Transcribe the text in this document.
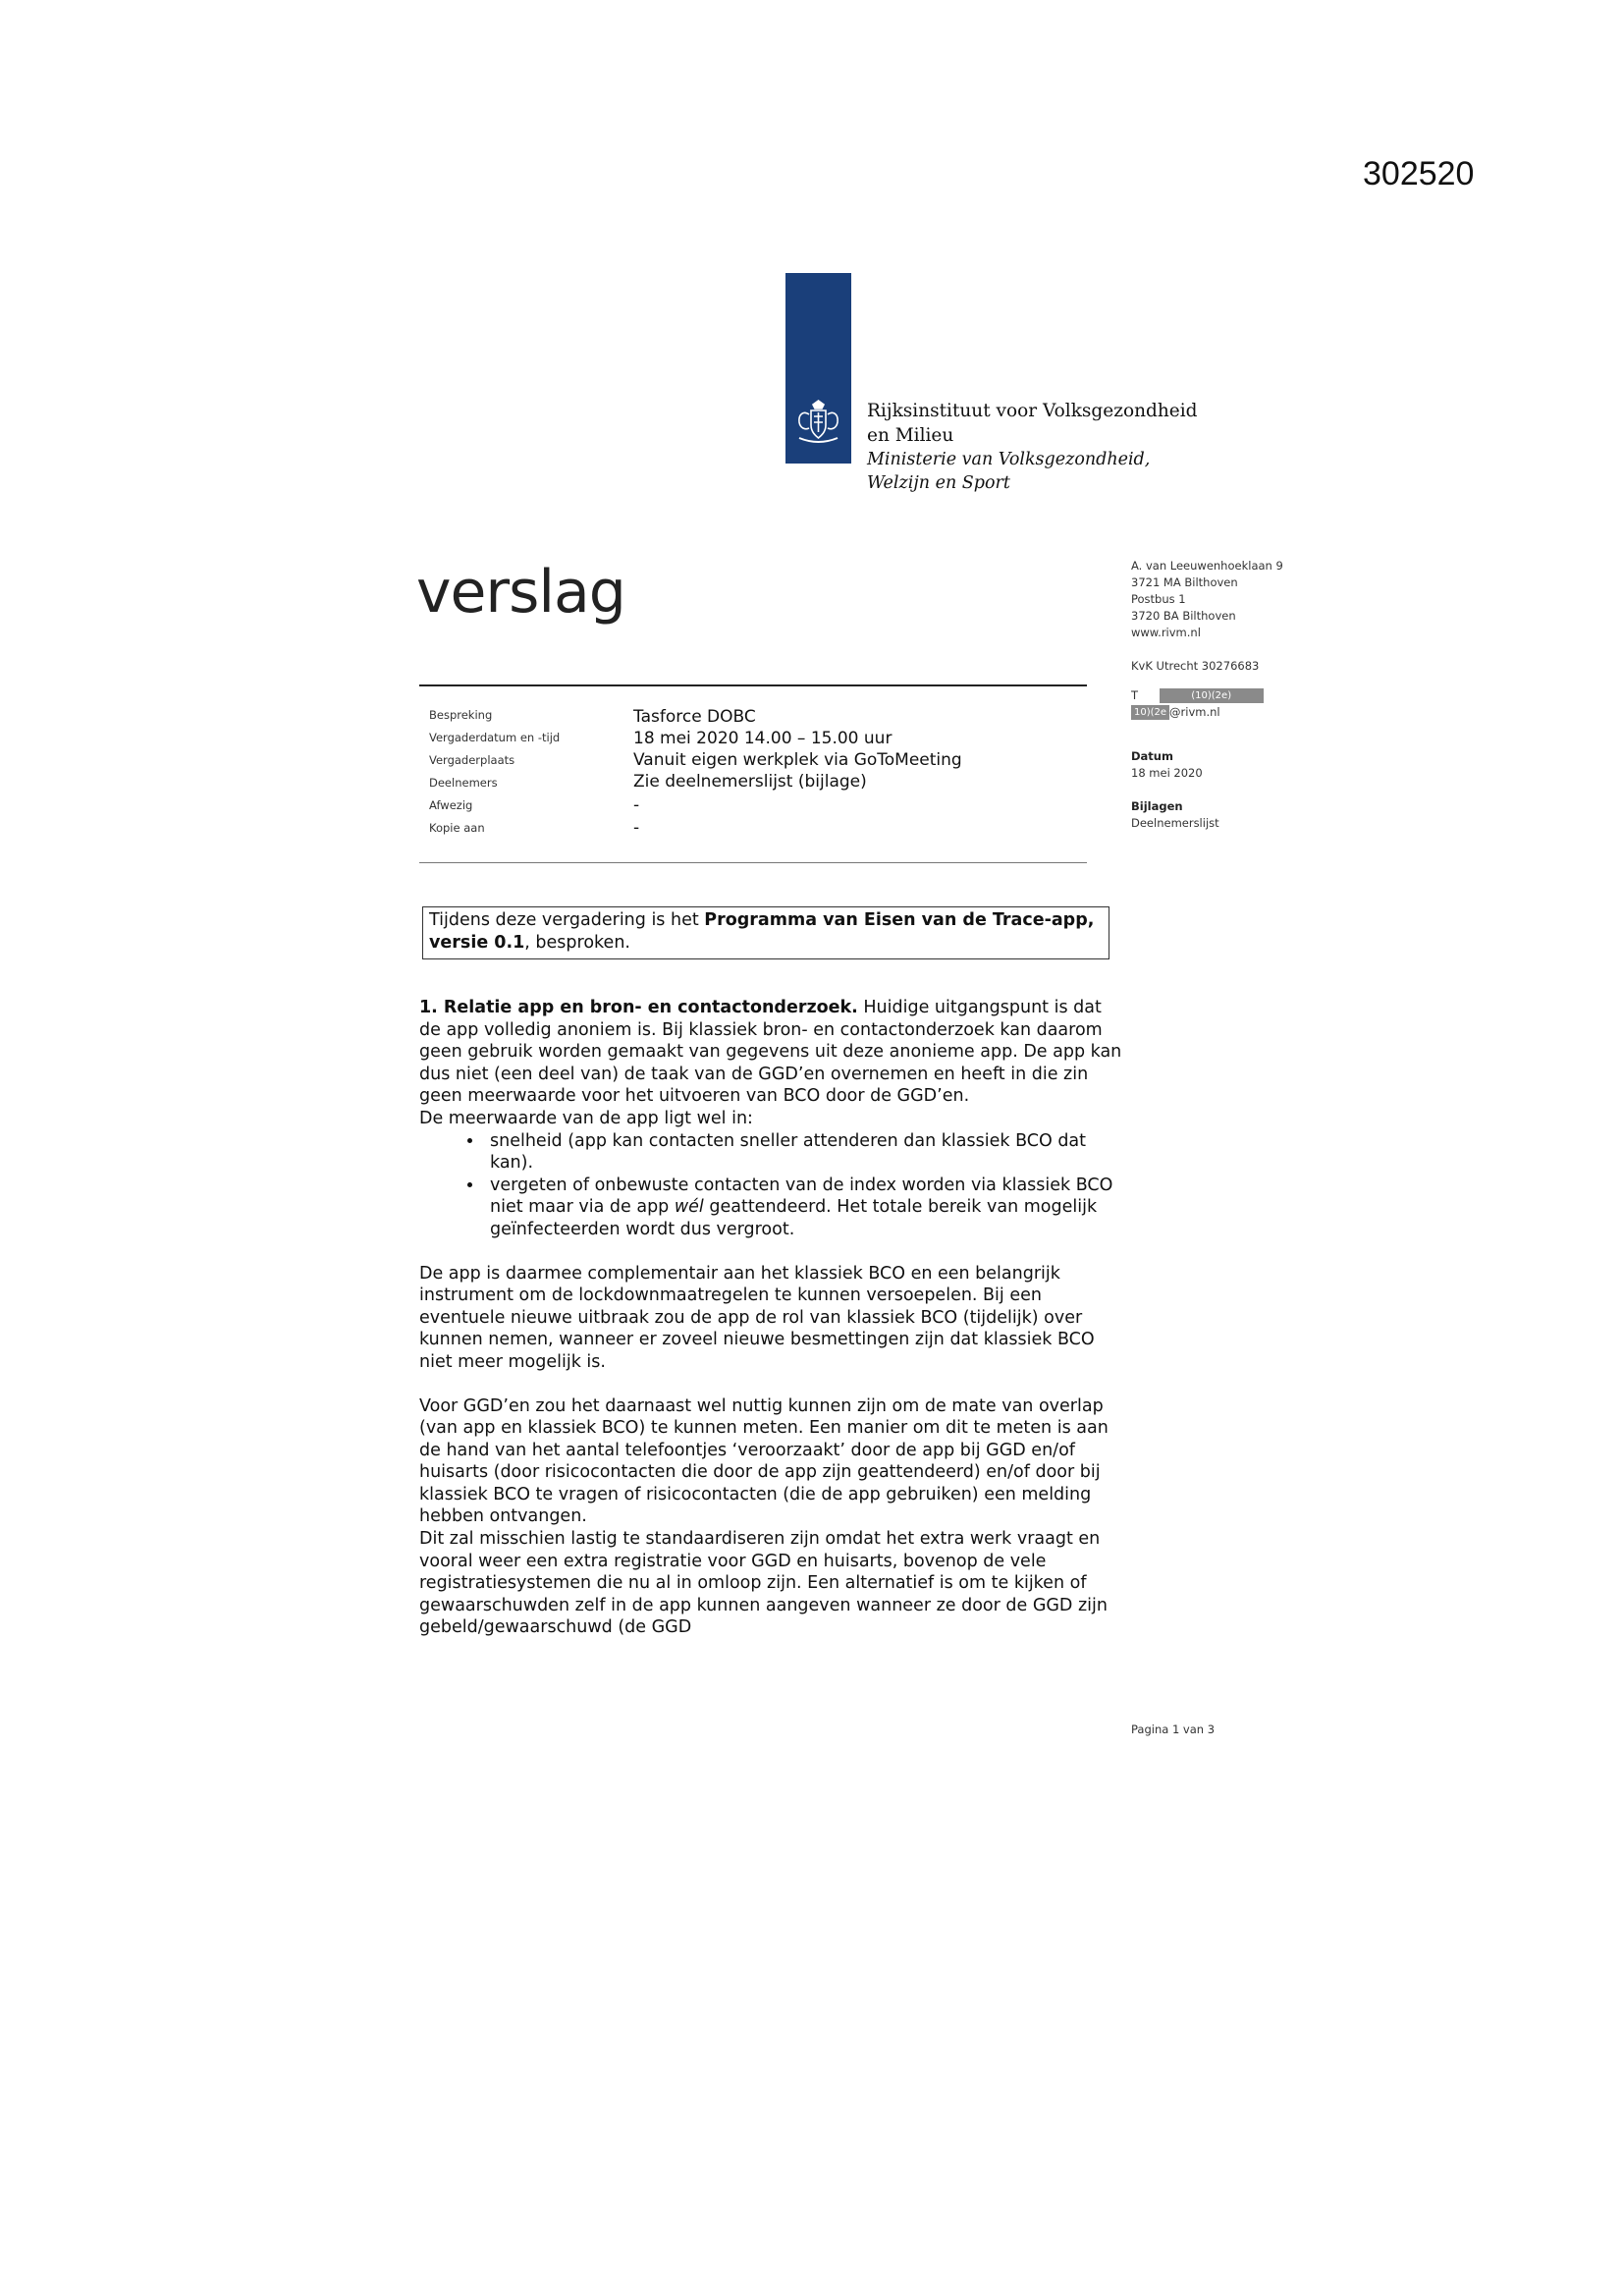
302520
Rijksinstituut voor Volksgezondheid
en Milieu
Ministerie van Volksgezondheid,
Welzijn en Sport
verslag	A. van Leeuwenhoeklaan 9
3721 MA Bilthoven
Postbus 1
3720 BA Bilthoven
www.rivm.nl
KvK Utrecht 30276683
T	(10)(2e)
10)(2e @rivm.nl
Datum
18 mei 2020
Bijlagen
Deelnemerslijst
Bespreking	Tasforce DOBC
Vergaderdatum en -tijd	18 mei 2020 14.00 – 15.00 uur
Vergaderplaats	Vanuit eigen werkplek via GoToMeeting
Deelnemers	Zie deelnemerslijst (bijlage)
Afwezig	-
Kopie aan	-
Tijdens deze vergadering is het Programma van Eisen van de Trace-app, versie 0.1, besproken.

1. Relatie app en bron- en contactonderzoek. Huidige uitgangspunt is dat de app volledig anoniem is. Bij klassiek bron- en contactonderzoek kan daarom geen gebruik worden gemaakt van gegevens uit deze anonieme app. De app kan dus niet (een deel van) de taak van de GGD’en overnemen en heeft in die zin geen meerwaarde voor het uitvoeren van BCO door de GGD’en.

De meerwaarde van de app ligt wel in:

• snelheid (app kan contacten sneller attenderen dan klassiek BCO dat kan).
• vergeten of onbewuste contacten van de index worden via klassiek BCO niet maar via de app wél geattendeerd. Het totale bereik van mogelijk geïnfecteerden wordt dus vergroot.

De app is daarmee complementair aan het klassiek BCO en een belangrijk instrument om de lockdownmaatregelen te kunnen versoepelen. Bij een eventuele nieuwe uitbraak zou de app de rol van klassiek BCO (tijdelijk) over kunnen nemen, wanneer er zoveel nieuwe besmettingen zijn dat klassiek BCO niet meer mogelijk is.

Voor GGD’en zou het daarnaast wel nuttig kunnen zijn om de mate van overlap (van app en klassiek BCO) te kunnen meten. Een manier om dit te meten is aan de hand van het aantal telefoontjes ‘veroorzaakt’ door de app bij GGD en/of huisarts (door risicocontacten die door de app zijn geattendeerd) en/of door bij klassiek BCO te vragen of risicocontacten (die de app gebruiken) een melding hebben ontvangen.

Dit zal misschien lastig te standaardiseren zijn omdat het extra werk vraagt en vooral weer een extra registratie voor GGD en huisarts, bovenop de vele registratiesystemen die nu al in omloop zijn. Een alternatief is om te kijken of gewaarschuwden zelf in de app kunnen aangeven wanneer ze door de GGD zijn gebeld/gewaarschuwd (de GGD

Pagina 1 van 3
